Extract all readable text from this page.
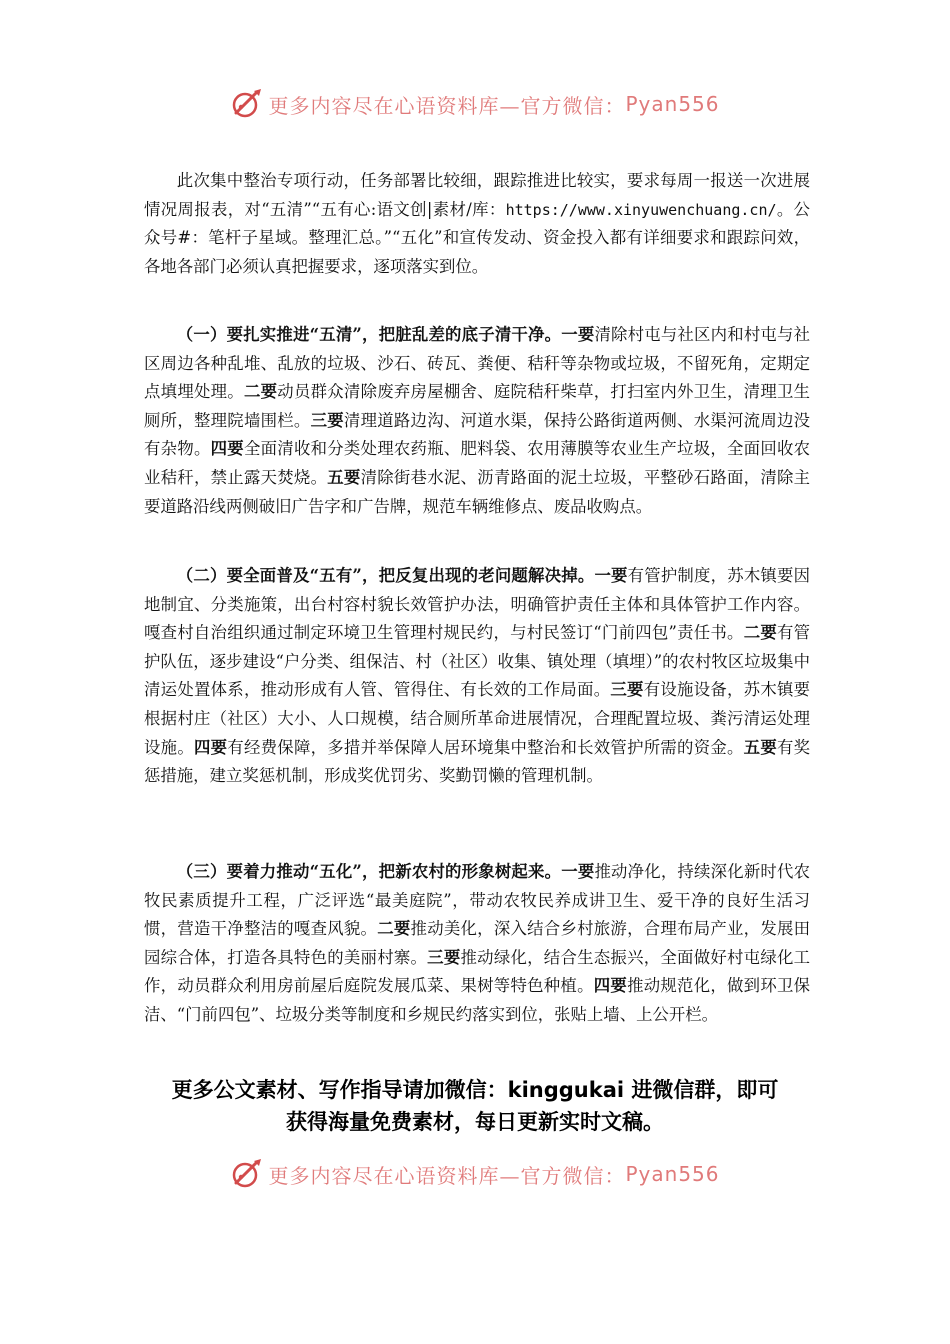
更多内容尽在心语资料库—官方微信： Pyan556

此次集中整治专项行动，任务部署比较细，跟踪推进比较实，要求每周一报送一次进展情况周报表，对“五清”“五有心:语文创|素材/库：https://www.xinyuwenchuang.cn/。公众号#：笔杆子星域。整理汇总。”“五化”和宣传发动、资金投入都有详细要求和跟踪问效，各地各部门必须认真把握要求，逐项落实到位。

（一）要扎实推进“五清”，把脏乱差的底子清干净。一要清除村屯与社区内和村屯与社区周边各种乱堆、乱放的垃圾、沙石、砖瓦、粪便、秸秆等杂物或垃圾，不留死角，定期定点填埋处理。二要动员群众清除废弃房屋棚舍、庭院秸秆柴草，打扫室内外卫生，清理卫生厕所，整理院墙围栏。三要清理道路边沟、河道水渠，保持公路街道两侧、水渠河流周边没有杂物。四要全面清收和分类处理农药瓶、肥料袋、农用薄膜等农业生产垃圾，全面回收农业秸秆，禁止露天焚烧。五要清除街巷水泥、沥青路面的泥土垃圾，平整砂石路面，清除主要道路沿线两侧破旧广告字和广告牌，规范车辆维修点、废品收购点。

（二）要全面普及“五有”，把反复出现的老问题解决掉。一要有管护制度，苏木镇要因地制宜、分类施策，出台村容村貌长效管护办法，明确管护责任主体和具体管护工作内容。嘎查村自治组织通过制定环境卫生管理村规民约，与村民签订“门前四包”责任书。二要有管护队伍，逐步建设“户分类、组保洁、村（社区）收集、镇处理（填埋）”的农村牧区垃圾集中清运处置体系，推动形成有人管、管得住、有长效的工作局面。三要有设施设备，苏木镇要根据村庄（社区）大小、人口规模，结合厕所革命进展情况，合理配置垃圾、粪污清运处理设施。四要有经费保障，多措并举保障人居环境集中整治和长效管护所需的资金。五要有奖惩措施，建立奖惩机制，形成奖优罚劣、奖勤罚懒的管理机制。

（三）要着力推动“五化”，把新农村的形象树起来。一要推动净化，持续深化新时代农牧民素质提升工程，广泛评选“最美庭院”，带动农牧民养成讲卫生、爱干净的良好生活习惯，营造干净整洁的嘎查风貌。二要推动美化，深入结合乡村旅游，合理布局产业，发展田园综合体，打造各具特色的美丽村寨。三要推动绿化，结合生态振兴，全面做好村屯绿化工作，动员群众利用房前屋后庭院发展瓜菜、果树等特色种植。四要推动规范化，做到环卫保洁、“门前四包”、垃圾分类等制度和乡规民约落实到位，张贴上墙、上公开栏。

更多公文素材、写作指导请加微信：kinggukai 进微信群，即可
获得海量免费素材，每日更新实时文稿。
更多内容尽在心语资料库—官方微信： Pyan556
